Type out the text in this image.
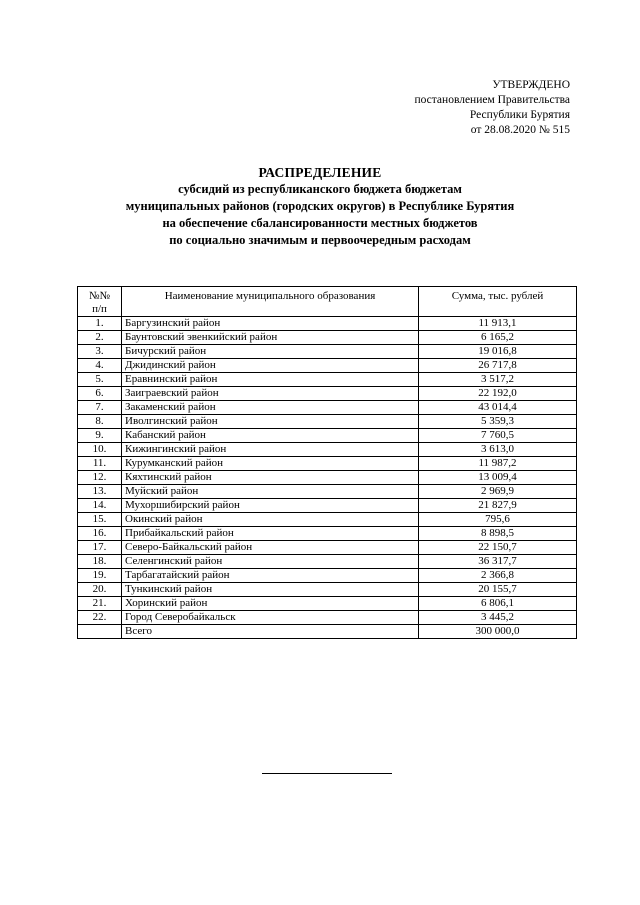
УТВЕРЖДЕНО
постановлением Правительства
Республики Бурятия
от 28.08.2020 № 515
РАСПРЕДЕЛЕНИЕ
субсидий из республиканского бюджета бюджетам
муниципальных районов (городских округов) в Республике Бурятия
на обеспечение сбалансированности местных бюджетов
по социально значимым и первоочередным расходам
№№
п/п	Наименование муниципального образования	Сумма, тыс. рублей
1.	Баргузинский район	11 913,1
2.	Баунтовский эвенкийский район	6 165,2
3.	Бичурский район	19 016,8
4.	Джидинский район	26 717,8
5.	Еравнинский район	3 517,2
6.	Заиграевский район	22 192,0
7.	Закаменский район	43 014,4
8.	Иволгинский район	5 359,3
9.	Кабанский район	7 760,5
10.	Кижингинский район	3 613,0
11.	Курумканский район	11 987,2
12.	Кяхтинский район	13 009,4
13.	Муйский район	2 969,9
14.	Мухоршибирский район	21 827,9
15.	Окинский район	795,6
16.	Прибайкальский район	8 898,5
17.	Северо-Байкальский район	22 150,7
18.	Селенгинский район	36 317,7
19.	Тарбагатайский район	2 366,8
20.	Тункинский район	20 155,7
21.	Хоринский район	6 806,1
22.	Город Северобайкальск	3 445,2
	Всего	300 000,0
